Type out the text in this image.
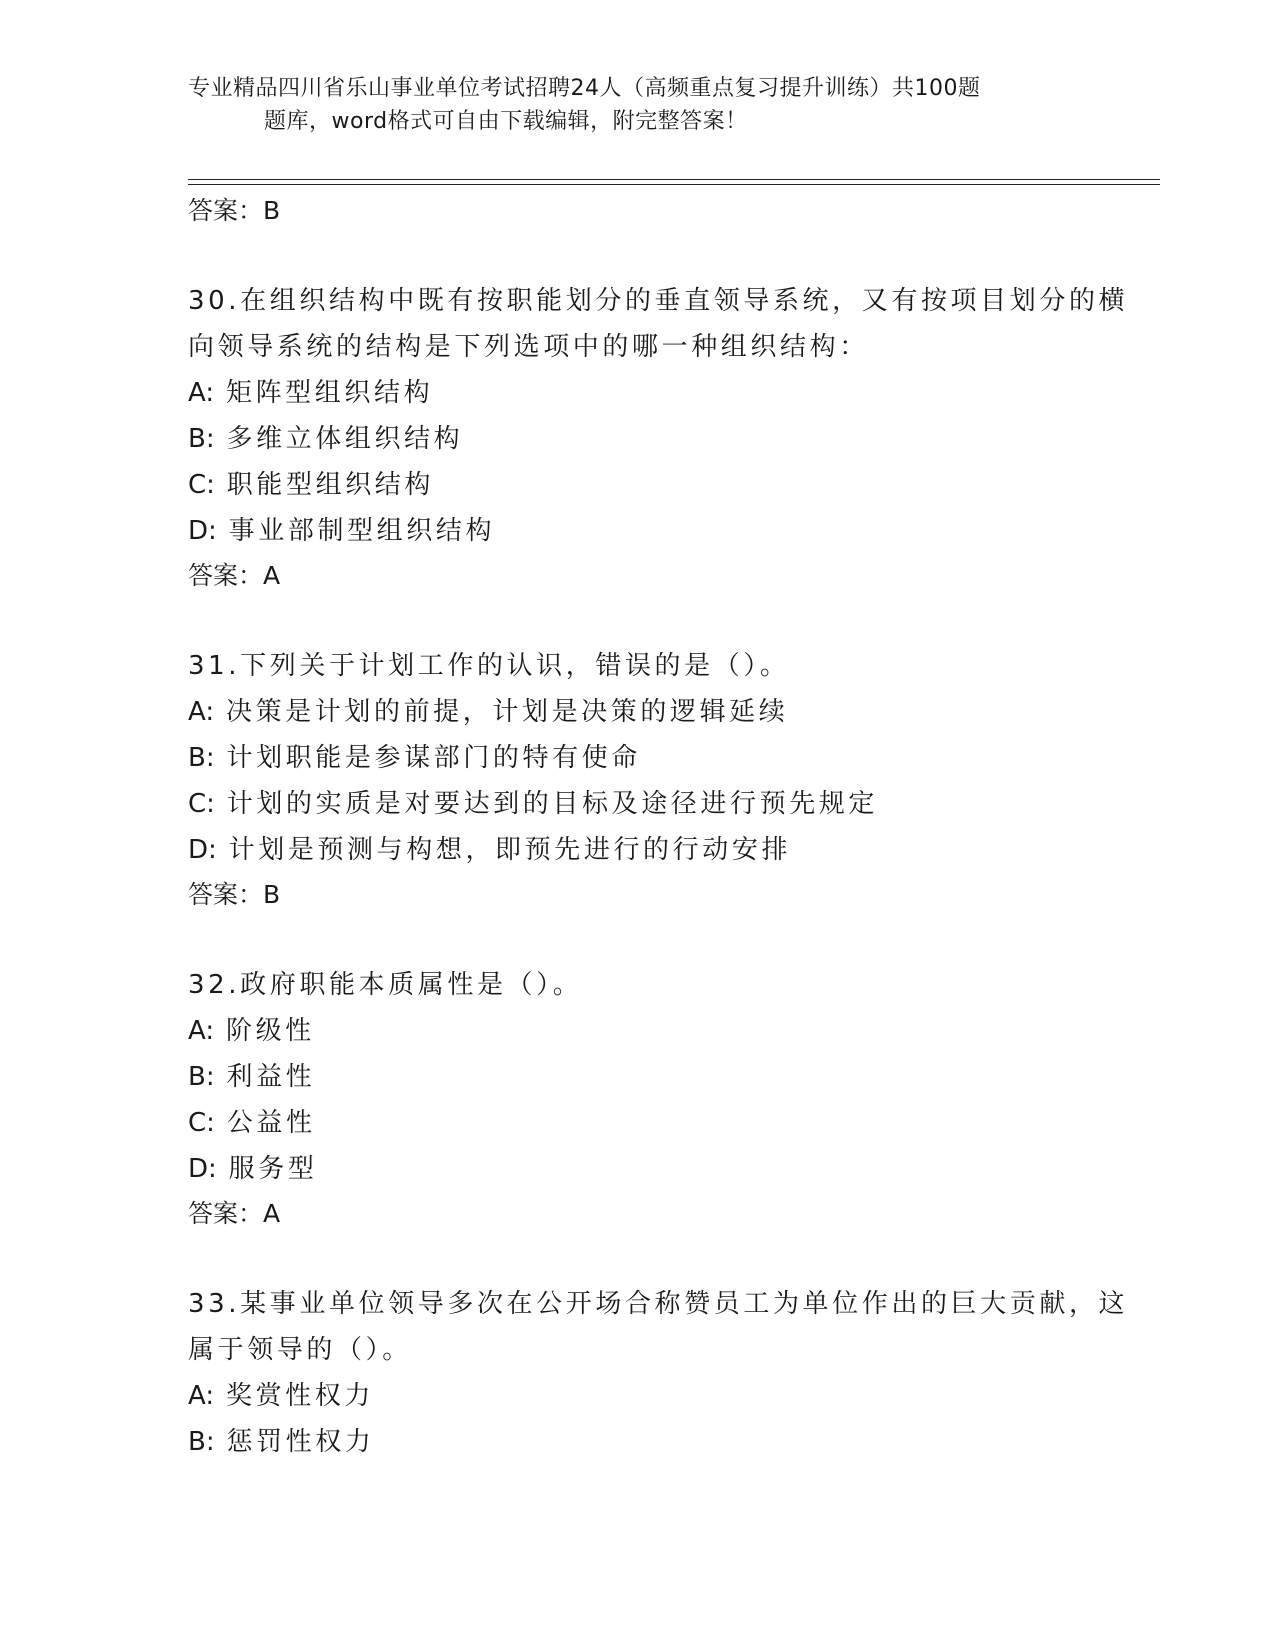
专业精品四川省乐山事业单位考试招聘24人（高频重点复习提升训练）共100题
题库，word格式可自由下载编辑，附完整答案！
答案：B

30.在组织结构中既有按职能划分的垂直领导系统，又有按项目划分的横向领导系统的结构是下列选项中的哪一种组织结构：

A: 矩阵型组织结构
B: 多维立体组织结构
C: 职能型组织结构
D: 事业部制型组织结构
答案：A

31.下列关于计划工作的认识，错误的是（）。

A: 决策是计划的前提，计划是决策的逻辑延续
B: 计划职能是参谋部门的特有使命
C: 计划的实质是对要达到的目标及途径进行预先规定
D: 计划是预测与构想，即预先进行的行动安排
答案：B

32.政府职能本质属性是（）。

A: 阶级性
B: 利益性
C: 公益性
D: 服务型
答案：A

33.某事业单位领导多次在公开场合称赞员工为单位作出的巨大贡献，这属于领导的（）。

A: 奖赏性权力
B: 惩罚性权力
